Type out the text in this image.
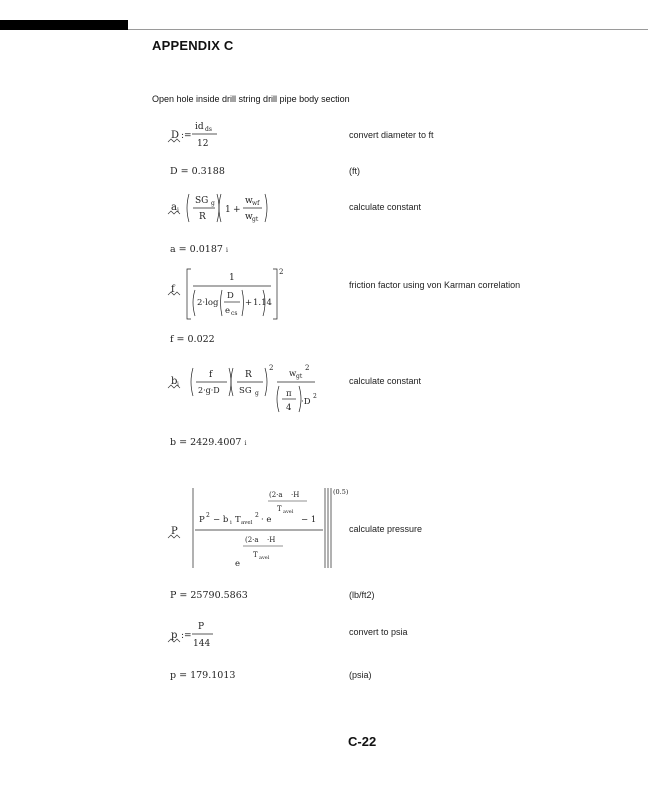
APPENDIX C
Open hole inside drill string drill pipe body section
D :=
id ds
12
convert diameter to ft
D = 0.3188	(ft)
a i
SG g
R
1 +
w wf
w gt
calculate constant
a = 0.0187 i
f
1
2·log
D
e cs
+ 1.14
2
friction factor using von Karman correlation
f = 0.022
b i
f
2·g·D
R
SG g
2
w gt
2
π
4
·D
2
calculate constant
b = 2429.4007 i
P
(0.5)
(2·a ·H
T avel
P 2 − b i T avel
2 · e	− 1
(2·a ·H
T avel
e
calculate pressure
P = 25790.5863	(lb/ft2)
p :=
P
144
convert to psia
p = 179.1013	(psia)
C-22
